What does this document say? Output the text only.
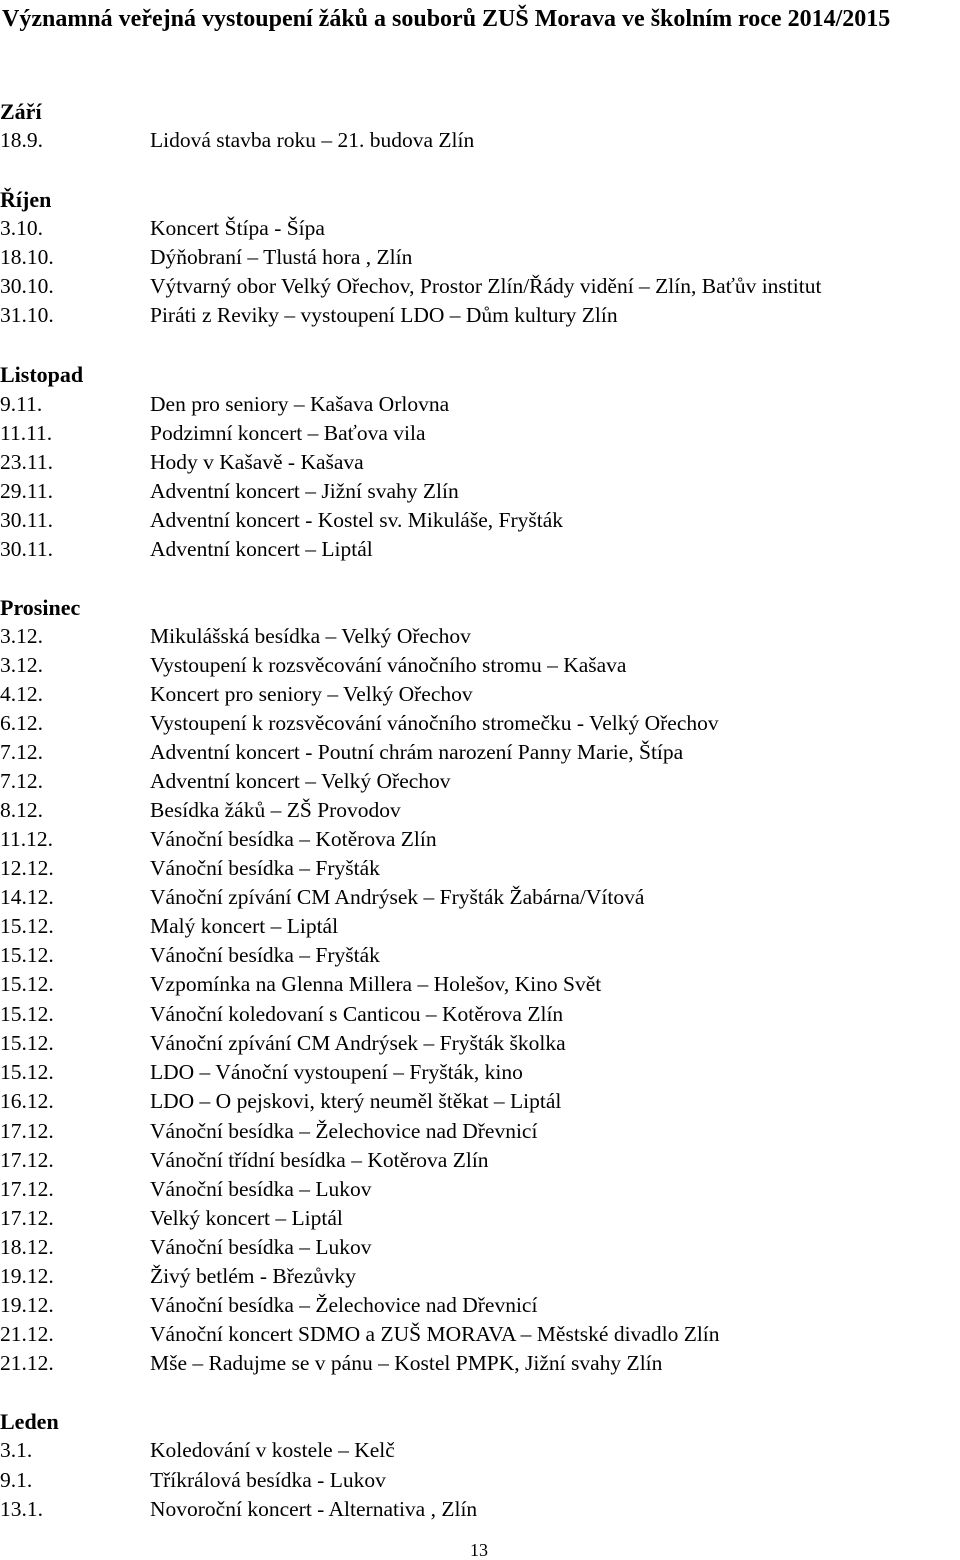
Významná veřejná vystoupení žáků a souborů ZUŠ Morava ve školním roce 2014/2015
Září
18.9.	Lidová stavba roku – 21. budova Zlín
Říjen
3.10.	Koncert Štípa - Šípa
18.10.	Dýňobraní – Tlustá hora , Zlín
30.10.	Výtvarný obor Velký Ořechov, Prostor Zlín/Řády vidění – Zlín, Baťův institut
31.10.	Piráti z Reviky – vystoupení LDO – Dům kultury Zlín
Listopad
9.11.	Den pro seniory – Kašava Orlovna
11.11.	Podzimní koncert – Baťova vila
23.11.	Hody v Kašavě - Kašava
29.11.	Adventní koncert – Jižní svahy Zlín
30.11.	Adventní koncert - Kostel sv. Mikuláše, Fryšták
30.11.	Adventní koncert – Liptál
Prosinec
3.12.	Mikulášská besídka – Velký Ořechov
3.12.	Vystoupení k rozsvěcování vánočního stromu – Kašava
4.12.	Koncert pro seniory – Velký Ořechov
6.12.	Vystoupení k rozsvěcování vánočního stromečku - Velký Ořechov
7.12.	Adventní koncert - Poutní chrám narození Panny Marie, Štípa
7.12.	Adventní koncert – Velký Ořechov
8.12.	Besídka žáků – ZŠ Provodov
11.12.	Vánoční besídka – Kotěrova Zlín
12.12.	Vánoční besídka – Fryšták
14.12.	Vánoční zpívání CM Andrýsek – Fryšták Žabárna/Vítová
15.12.	Malý koncert – Liptál
15.12.	Vánoční besídka – Fryšták
15.12.	Vzpomínka na Glenna Millera – Holešov, Kino Svět
15.12.	Vánoční koledovaní s Canticou – Kotěrova Zlín
15.12.	Vánoční zpívání CM Andrýsek – Fryšták školka
15.12.	LDO – Vánoční vystoupení – Fryšták, kino
16.12.	LDO – O pejskovi, který neuměl štěkat – Liptál
17.12.	Vánoční besídka – Želechovice nad Dřevnicí
17.12.	Vánoční třídní besídka – Kotěrova Zlín
17.12.	Vánoční besídka – Lukov
17.12.	Velký koncert – Liptál
18.12.	Vánoční besídka – Lukov
19.12.	Živý betlém - Březůvky
19.12.	Vánoční besídka – Želechovice nad Dřevnicí
21.12.	Vánoční koncert SDMO a ZUŠ MORAVA – Městské divadlo Zlín
21.12.	Mše – Radujme se v pánu – Kostel PMPK, Jižní svahy Zlín
Leden
3.1.	Koledování v kostele – Kelč
9.1.	Tříkrálová besídka - Lukov
13.1.	Novoroční koncert - Alternativa , Zlín
13
